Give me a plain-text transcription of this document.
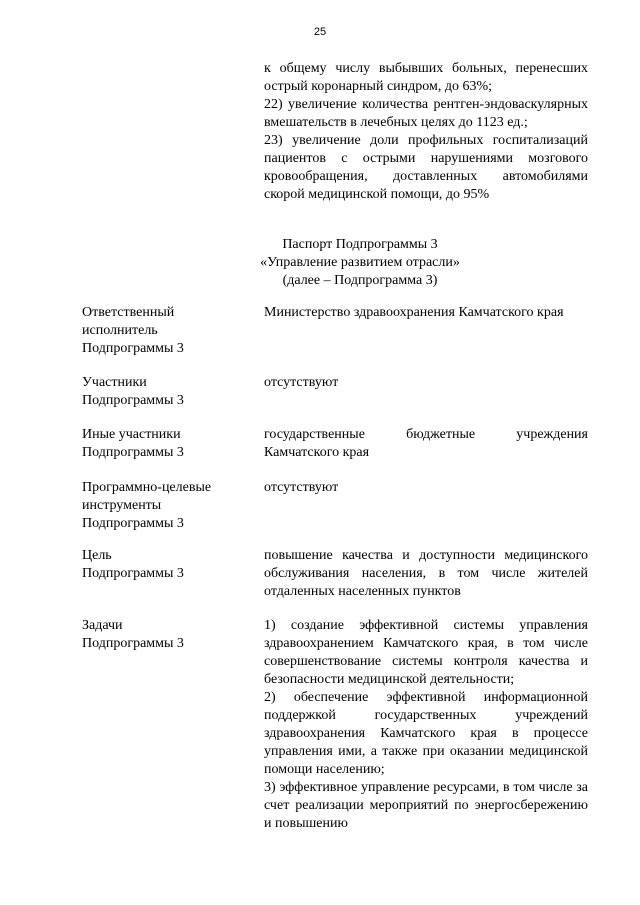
25

к общему числу выбывших больных, перенесших острый коронарный синдром, до 63%;

22) увеличение количества рентген-эндоваскулярных вмешательств в лечебных целях до 1123 ед.;

23) увеличение доли профильных госпитализаций пациентов с острыми нарушениями мозгового кровообращения, доставленных автомобилями скорой медицинской помощи, до 95%

Паспорт Подпрограммы 3
«Управление развитием отрасли»
(далее – Подпрограмма 3)
Ответственный
исполнитель
Подпрограммы 3

Министерство здравоохранения Камчатского края

Участники
Подпрограммы 3

отсутствуют

Иные участники
Подпрограммы 3

государственные бюджетные учреждения Камчатского края

Программно-целевые
инструменты
Подпрограммы 3

отсутствуют

Цель
Подпрограммы 3

повышение качества и доступности медицинского обслуживания населения, в том числе жителей отдаленных населенных пунктов

Задачи
Подпрограммы 3

1) создание эффективной системы управления здравоохранением Камчатского края, в том числе совершенствование системы контроля качества и безопасности медицинской деятельности;

2) обеспечение эффективной информационной поддержкой государственных учреждений здравоохранения Камчатского края в процессе управления ими, а также при оказании медицинской помощи населению;

3) эффективное управление ресурсами, в том числе за счет реализации мероприятий по энергосбережению и повышению
